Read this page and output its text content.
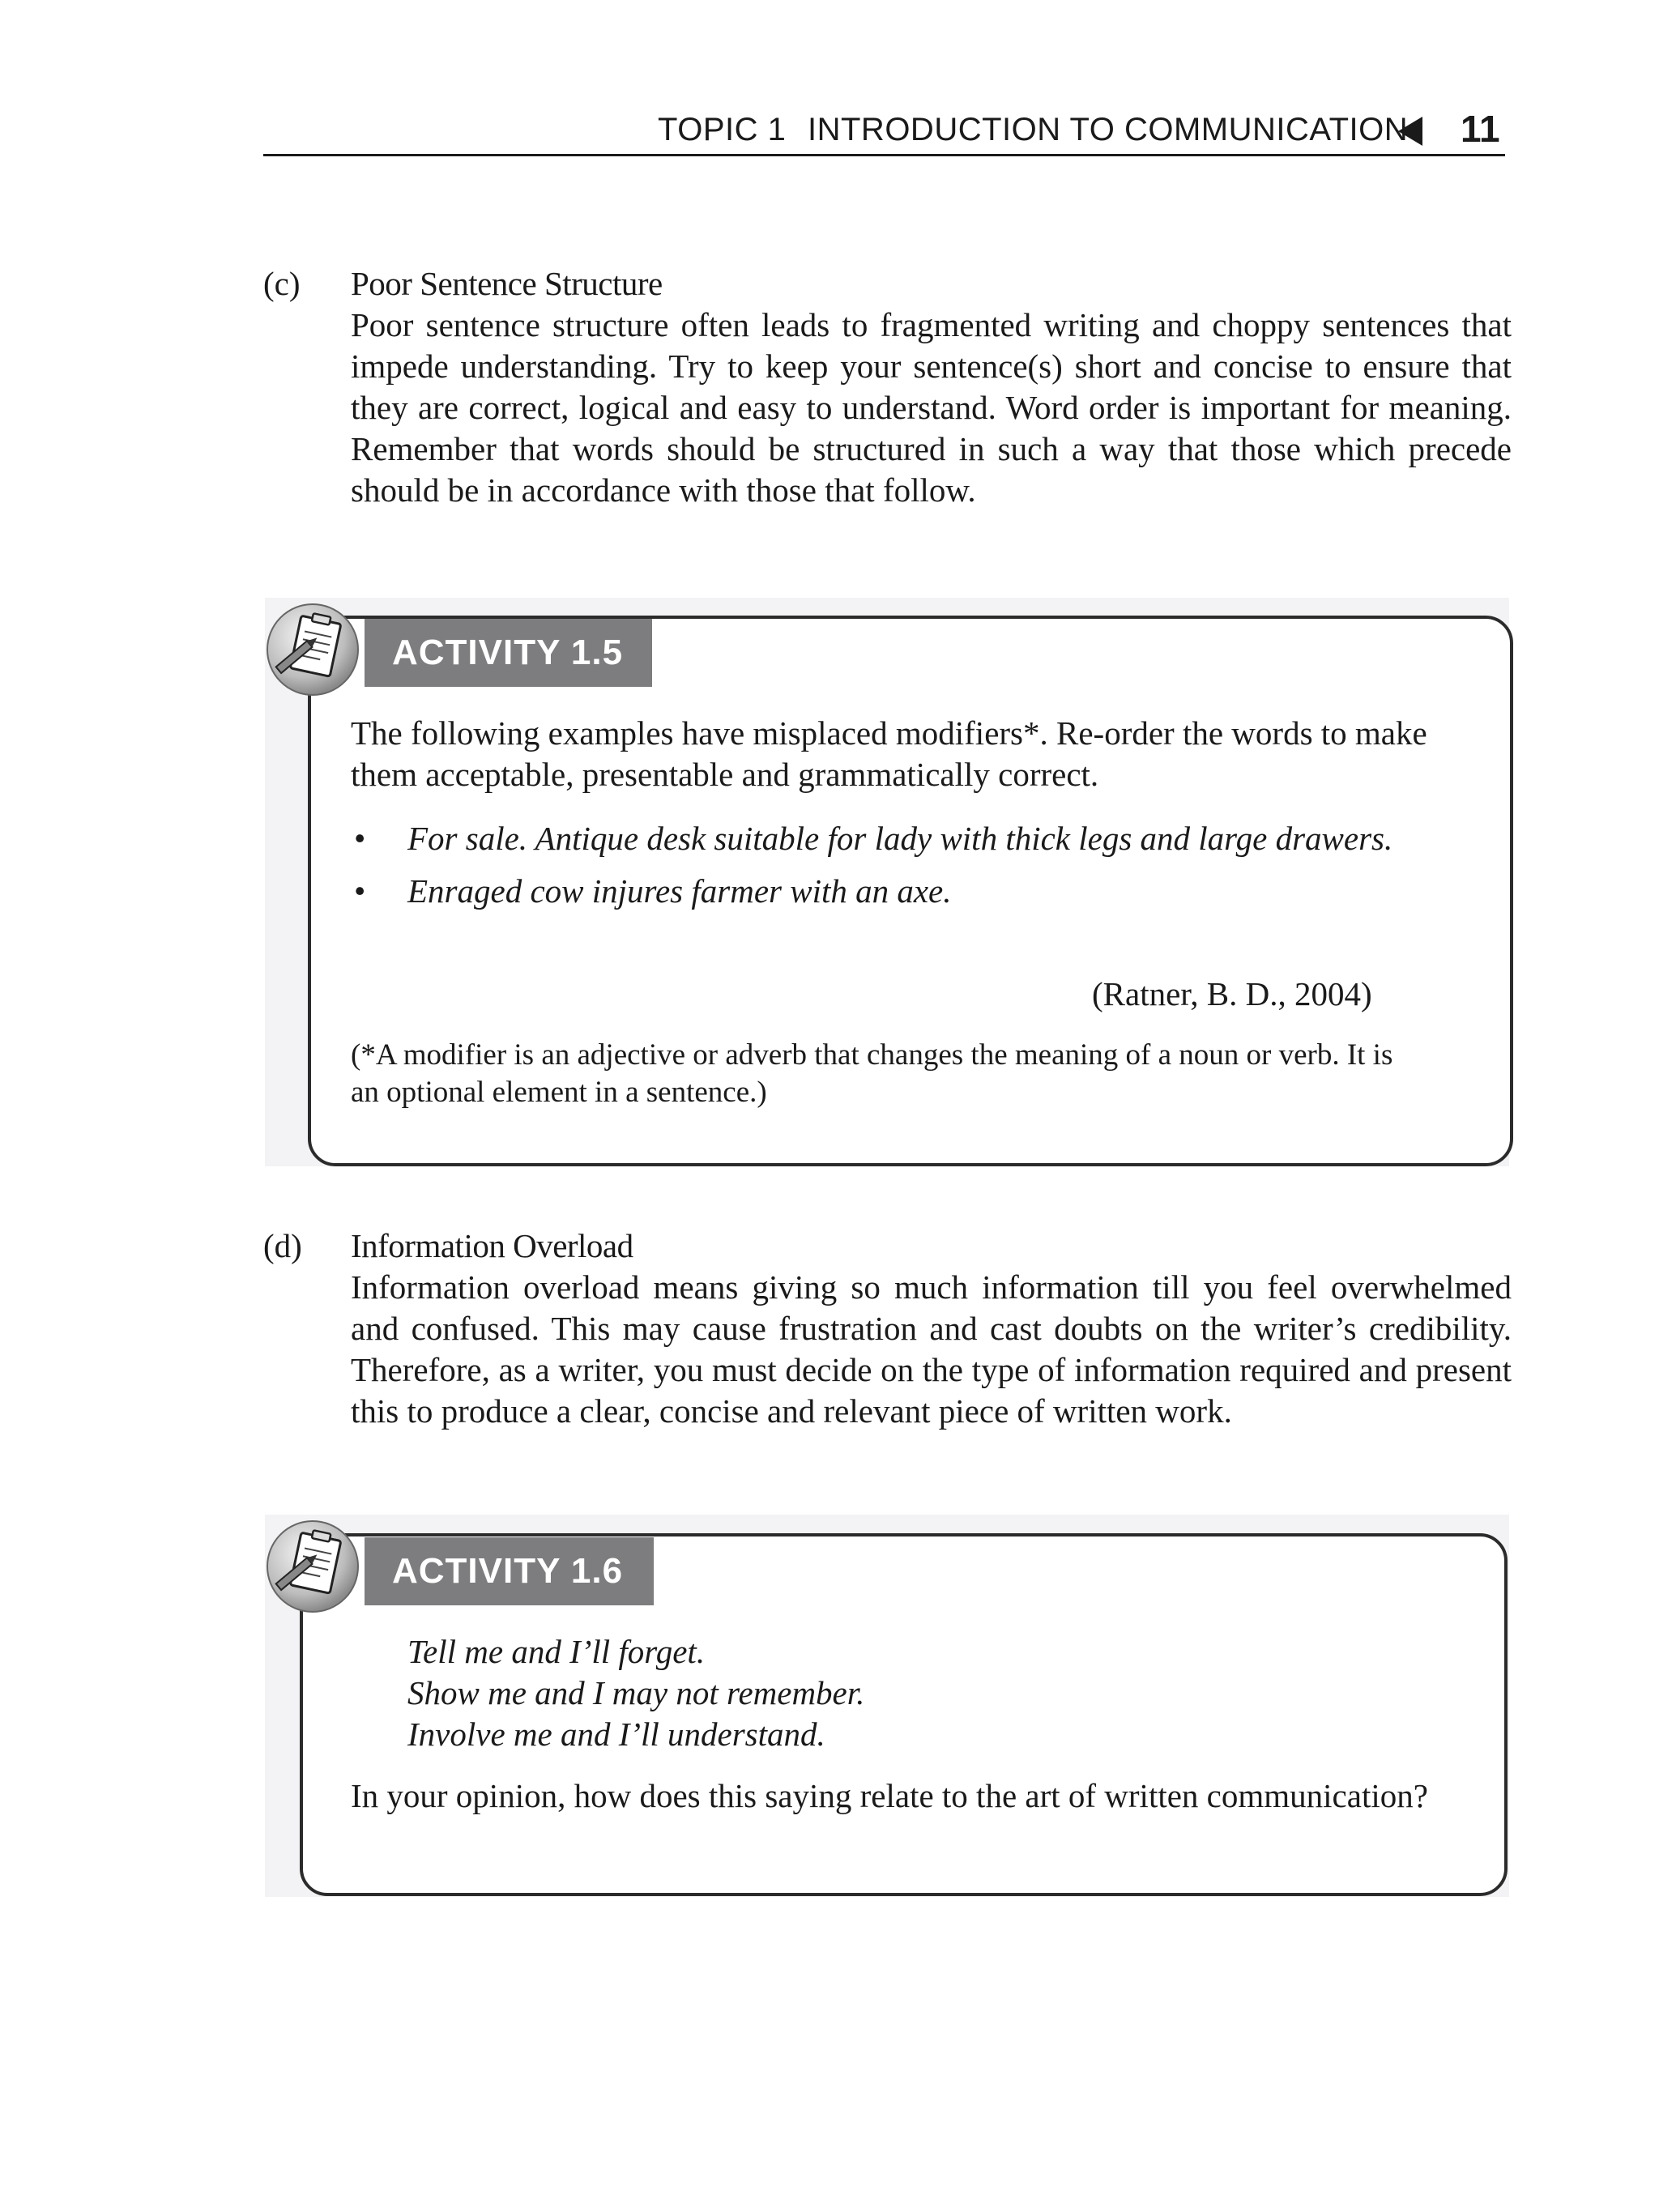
TOPIC 1 INTRODUCTION TO COMMUNICATION 11
(c) Poor Sentence Structure
Poor sentence structure often leads to fragmented writing and choppy sentences that impede understanding. Try to keep your sentence(s) short and concise to ensure that they are correct, logical and easy to understand. Word order is important for meaning. Remember that words should be structured in such a way that those which precede should be in accordance with those that follow.
ACTIVITY 1.5
The following examples have misplaced modifiers*. Re-order the words to make them acceptable, presentable and grammatically correct.
• For sale. Antique desk suitable for lady with thick legs and large drawers.
• Enraged cow injures farmer with an axe.
(Ratner, B. D., 2004)
(*A modifier is an adjective or adverb that changes the meaning of a noun or verb. It is an optional element in a sentence.)
(d) Information Overload
Information overload means giving so much information till you feel overwhelmed and confused. This may cause frustration and cast doubts on the writer’s credibility. Therefore, as a writer, you must decide on the type of information required and present this to produce a clear, concise and relevant piece of written work.
ACTIVITY 1.6
Tell me and I’ll forget.
Show me and I may not remember.
Involve me and I’ll understand.
In your opinion, how does this saying relate to the art of written communication?
